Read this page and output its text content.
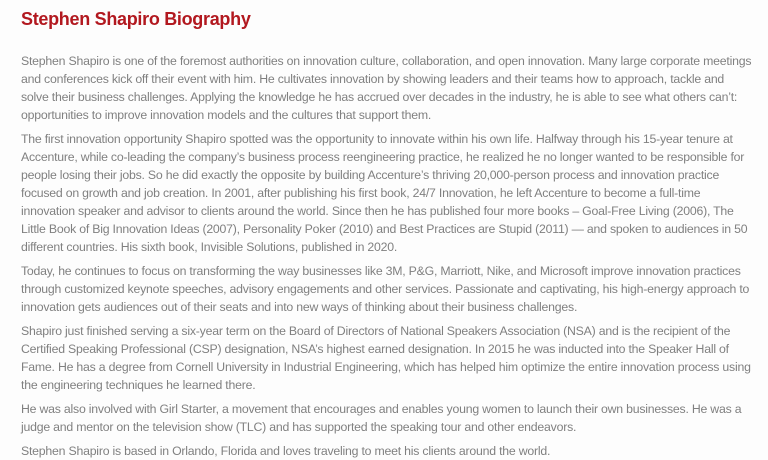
Stephen Shapiro Biography

Stephen Shapiro is one of the foremost authorities on innovation culture, collaboration, and open innovation. Many large corporate meetings and conferences kick off their event with him. He cultivates innovation by showing leaders and their teams how to approach, tackle and solve their business challenges. Applying the knowledge he has accrued over decades in the industry, he is able to see what others can’t: opportunities to improve innovation models and the cultures that support them.

The first innovation opportunity Shapiro spotted was the opportunity to innovate within his own life. Halfway through his 15-year tenure at Accenture, while co-leading the company’s business process reengineering practice, he realized he no longer wanted to be responsible for people losing their jobs. So he did exactly the opposite by building Accenture’s thriving 20,000-person process and innovation practice focused on growth and job creation. In 2001, after publishing his first book, 24/7 Innovation, he left Accenture to become a full-time innovation speaker and advisor to clients around the world. Since then he has published four more books – Goal-Free Living (2006), The Little Book of Big Innovation Ideas (2007), Personality Poker (2010) and Best Practices are Stupid (2011) — and spoken to audiences in 50 different countries. His sixth book, Invisible Solutions, published in 2020.

Today, he continues to focus on transforming the way businesses like 3M, P&G, Marriott, Nike, and Microsoft improve innovation practices through customized keynote speeches, advisory engagements and other services. Passionate and captivating, his high-energy approach to innovation gets audiences out of their seats and into new ways of thinking about their business challenges.

Shapiro just finished serving a six-year term on the Board of Directors of National Speakers Association (NSA) and is the recipient of the Certified Speaking Professional (CSP) designation, NSA’s highest earned designation. In 2015 he was inducted into the Speaker Hall of Fame. He has a degree from Cornell University in Industrial Engineering, which has helped him optimize the entire innovation process using the engineering techniques he learned there.

He was also involved with Girl Starter, a movement that encourages and enables young women to launch their own businesses. He was a judge and mentor on the television show (TLC) and has supported the speaking tour and other endeavors.

Stephen Shapiro is based in Orlando, Florida and loves traveling to meet his clients around the world.
